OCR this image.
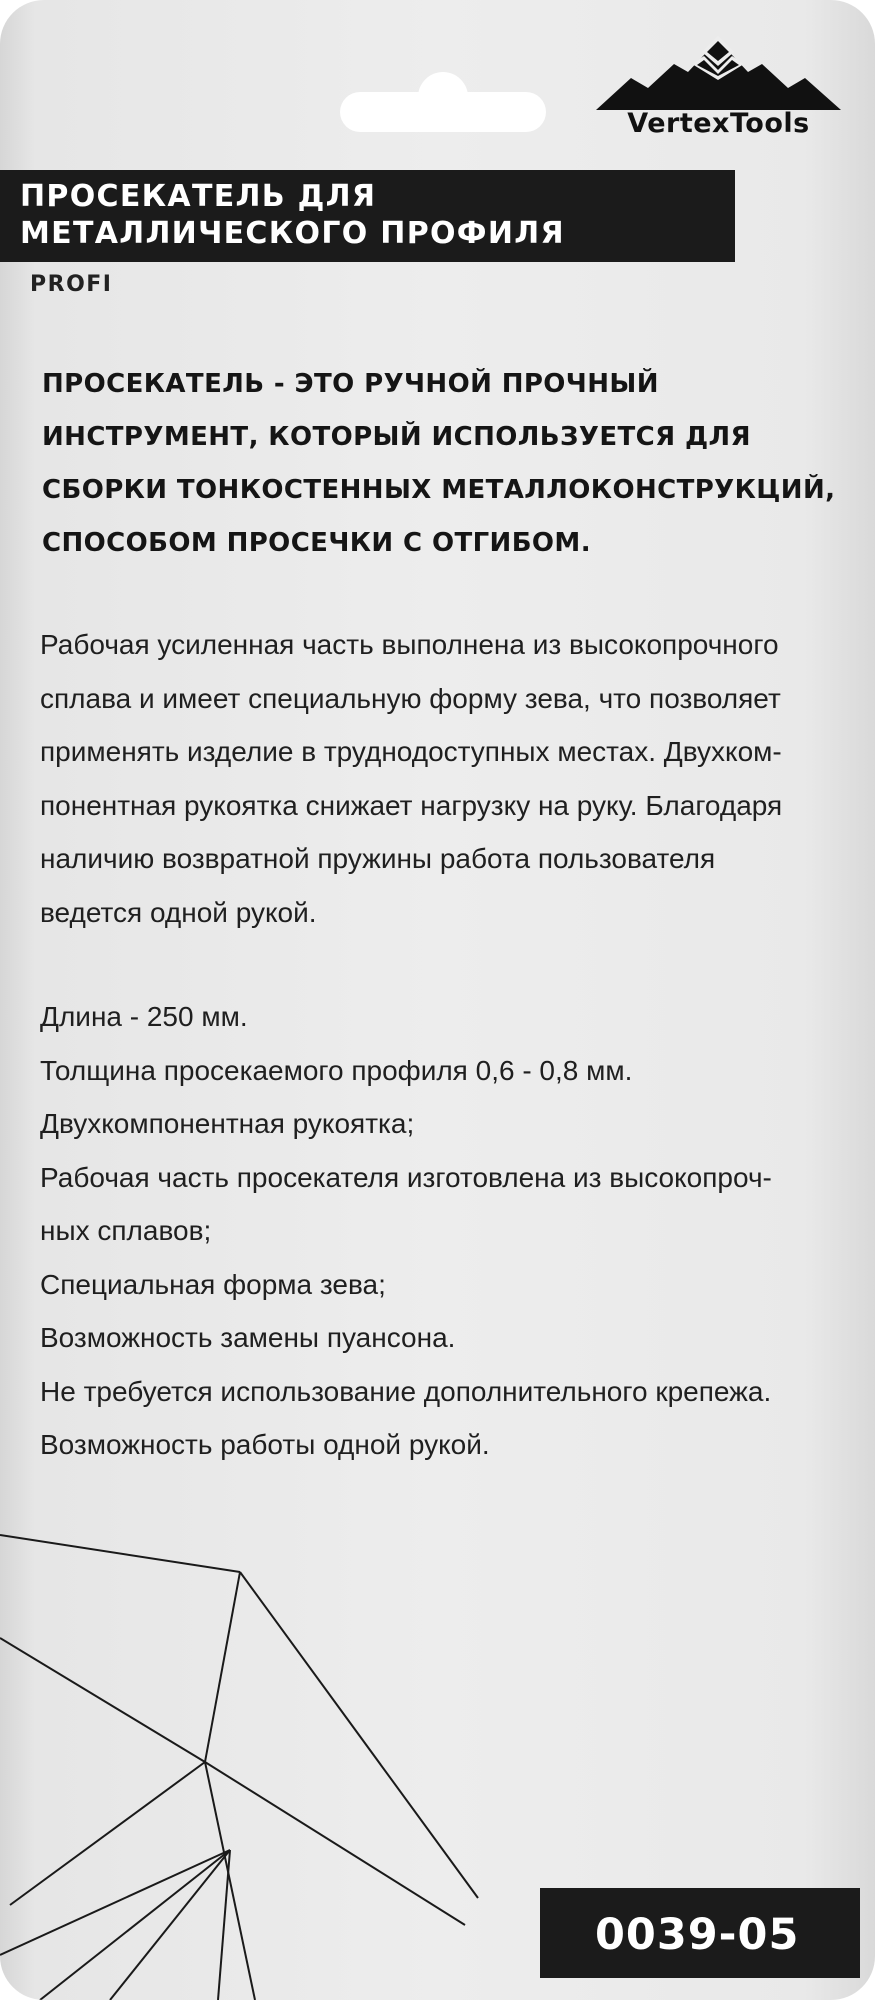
VertexTools
ПРОСЕКАТЕЛЬ ДЛЯ МЕТАЛЛИЧЕСКОГО ПРОФИЛЯ
PROFI
ПРОСЕКАТЕЛЬ - ЭТО РУЧНОЙ ПРОЧНЫЙ ИНСТРУМЕНТ, КОТОРЫЙ ИСПОЛЬЗУЕТСЯ ДЛЯ СБОРКИ ТОНКОСТЕННЫХ МЕТАЛЛОКОНСТРУКЦИЙ, СПОСОБОМ ПРОСЕЧКИ С ОТГИБОМ.
Рабочая усиленная часть выполнена из высокопрочного
сплава и имеет специальную форму зева, что позволяет
применять изделие в труднодоступных местах. Двухком-
понентная рукоятка снижает нагрузку на руку. Благодаря
наличию возвратной пружины работа пользователя
ведется одной рукой.
Длина - 250 мм.
Толщина просекаемого профиля 0,6 - 0,8 мм.
Двухкомпонентная рукоятка;
Рабочая часть просекателя изготовлена из высокопроч-
ных сплавов;
Специальная форма зева;
Возможность замены пуансона.
Не требуется использование дополнительного крепежа.
Возможность работы одной рукой.
0039-05
